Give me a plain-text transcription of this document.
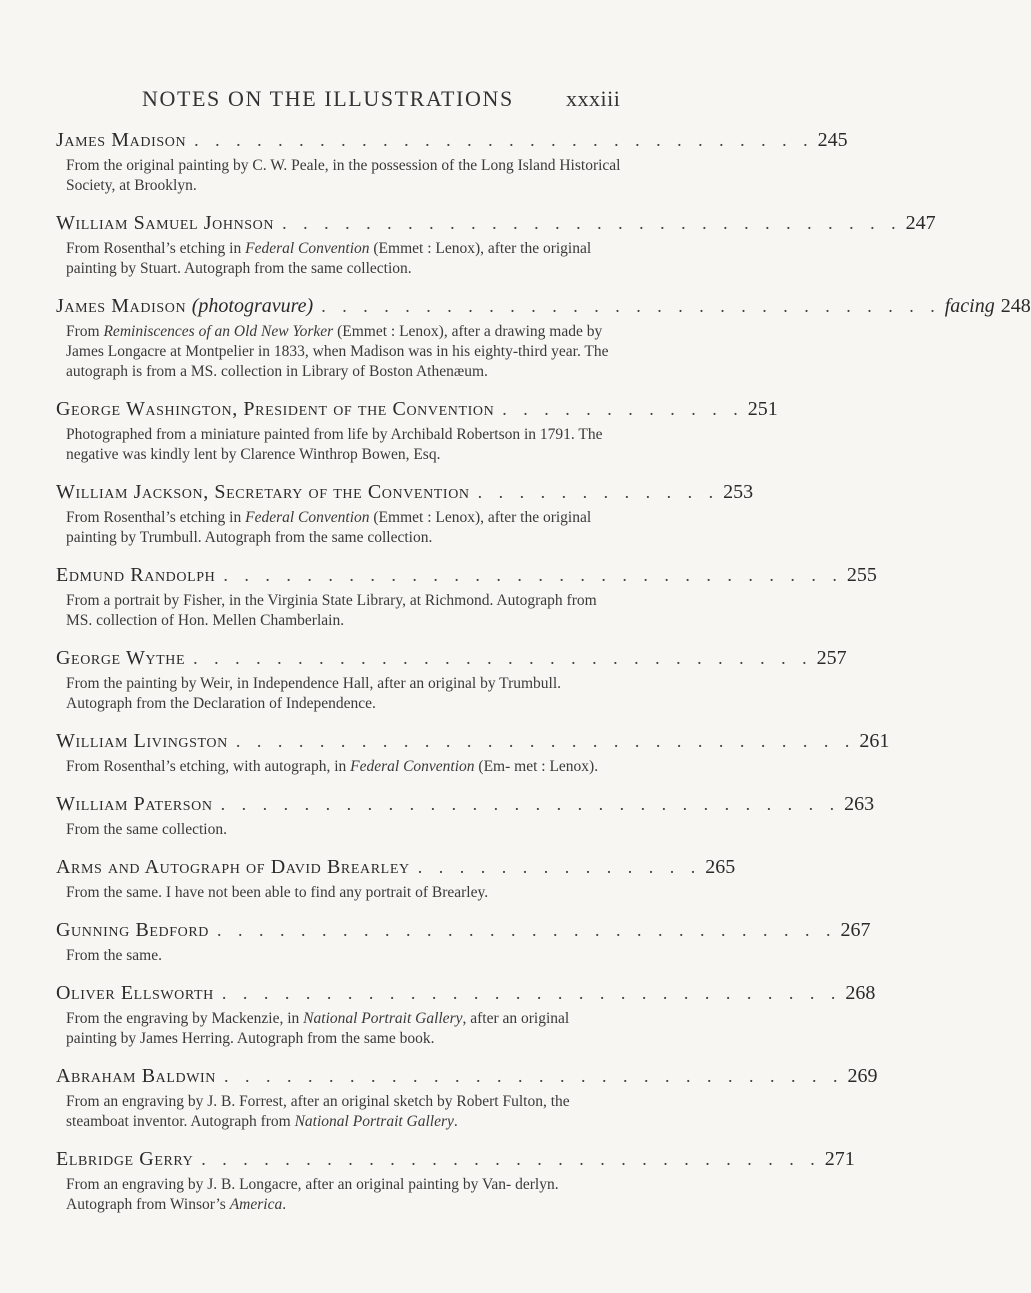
NOTES ON THE ILLUSTRATIONS xxxiii
James Madison . . . . . . . . . . . . . . . . . . . . . . . . . . . . . . 245
From the original painting by C. W. Peale, in the possession of the Long Island Historical Society, at Brooklyn.
William Samuel Johnson . . . . . . . . . . . . . . . . . . . . . . . . . . . . . . 247
From Rosenthal’s etching in Federal Convention (Emmet : Lenox), after the original painting by Stuart. Autograph from the same collection.
James Madison (photogravure) . . . . . . . . . . . . . . . . . . . . . . . . . . . . . . facing 248
From Reminiscences of an Old New Yorker (Emmet : Lenox), after a drawing made by James Longacre at Montpelier in 1833, when Madison was in his eighty-third year. The autograph is from a MS. collection in Library of Boston Athenæum.
George Washington, President of the Convention . . . . . . . . . . . . 251
Photographed from a miniature painted from life by Archibald Robertson in 1791. The negative was kindly lent by Clarence Winthrop Bowen, Esq.
William Jackson, Secretary of the Convention . . . . . . . . . . . . 253
From Rosenthal’s etching in Federal Convention (Emmet : Lenox), after the original painting by Trumbull. Autograph from the same collection.
Edmund Randolph . . . . . . . . . . . . . . . . . . . . . . . . . . . . . . 255
From a portrait by Fisher, in the Virginia State Library, at Richmond. Autograph from MS. collection of Hon. Mellen Chamberlain.
George Wythe . . . . . . . . . . . . . . . . . . . . . . . . . . . . . . 257
From the painting by Weir, in Independence Hall, after an original by Trumbull. Autograph from the Declaration of Independence.
William Livingston . . . . . . . . . . . . . . . . . . . . . . . . . . . . . . 261
From Rosenthal’s etching, with autograph, in Federal Convention (Em- met : Lenox).
William Paterson . . . . . . . . . . . . . . . . . . . . . . . . . . . . . . 263
From the same collection.
Arms and Autograph of David Brearley . . . . . . . . . . . . . . 265
From the same. I have not been able to find any portrait of Brearley.
Gunning Bedford . . . . . . . . . . . . . . . . . . . . . . . . . . . . . . 267
From the same.
Oliver Ellsworth . . . . . . . . . . . . . . . . . . . . . . . . . . . . . . 268
From the engraving by Mackenzie, in National Portrait Gallery, after an original painting by James Herring. Autograph from the same book.
Abraham Baldwin . . . . . . . . . . . . . . . . . . . . . . . . . . . . . . 269
From an engraving by J. B. Forrest, after an original sketch by Robert Fulton, the steamboat inventor. Autograph from National Portrait Gallery.
Elbridge Gerry . . . . . . . . . . . . . . . . . . . . . . . . . . . . . . 271
From an engraving by J. B. Longacre, after an original painting by Van- derlyn. Autograph from Winsor’s America.
